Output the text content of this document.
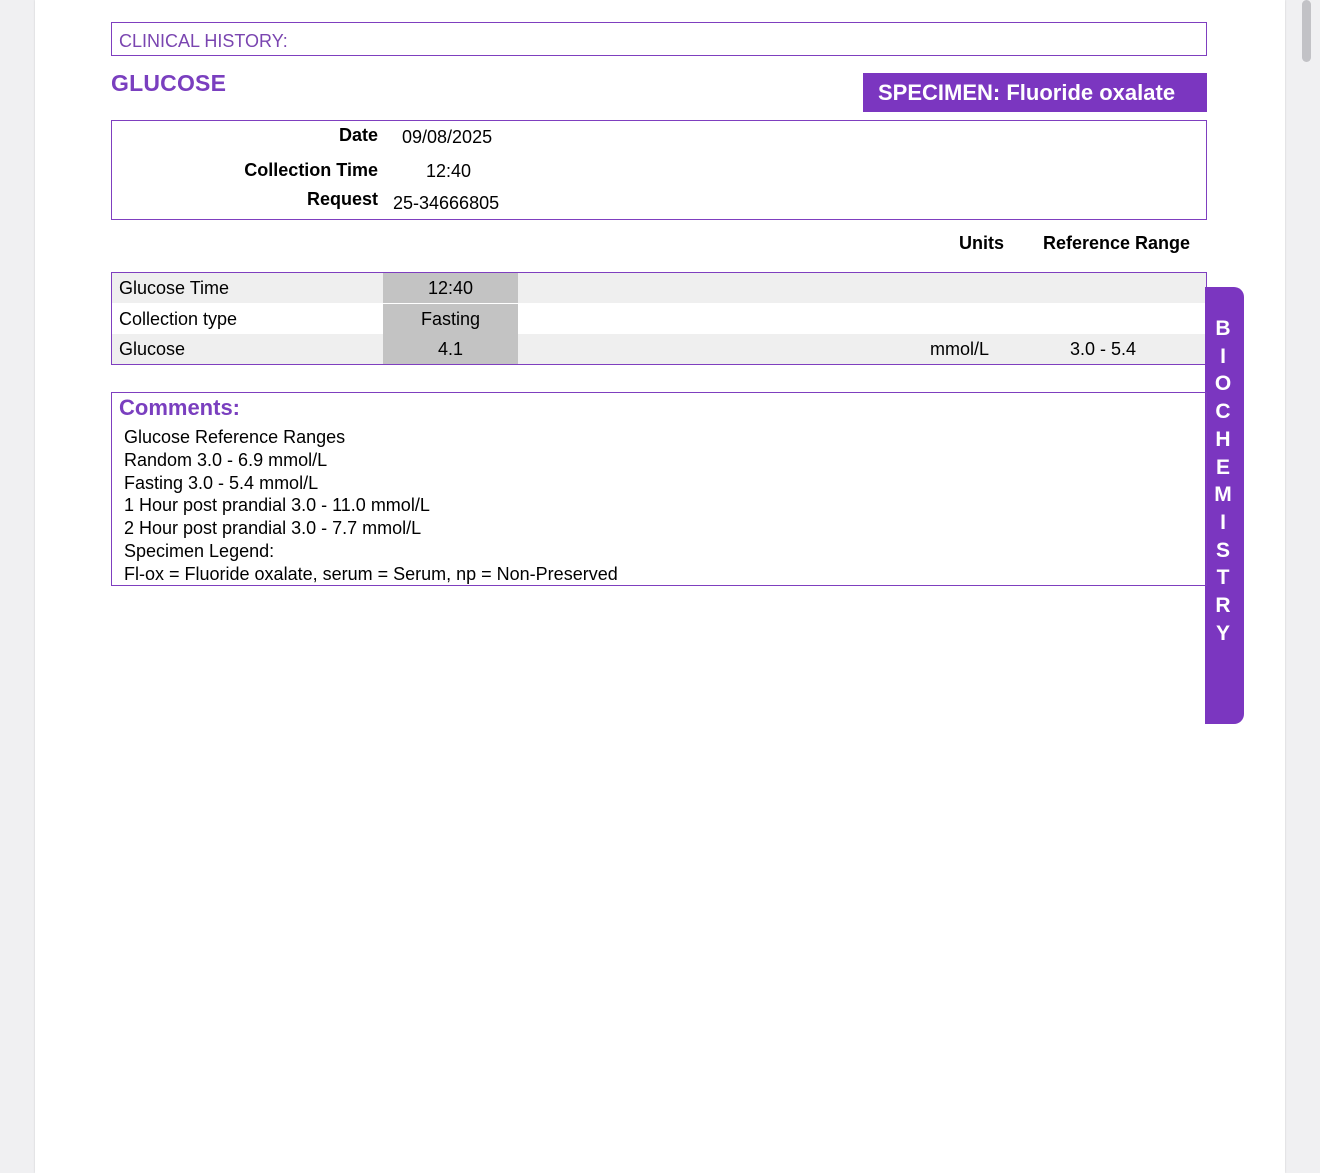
CLINICAL HISTORY:
GLUCOSE	SPECIMEN: Fluoride oxalate
Date 09/08/2025
Collection Time	12:40
Request 25-34666805
Units Reference Range
Glucose Time	12:40
Collection type	Fasting
Glucose	4.1	mmol/L	3.0 - 5.4
B
I
O
C
H
E
M
I
S
T
R
Y
Comments:
Glucose Reference Ranges
Random 3.0 - 6.9 mmol/L
Fasting 3.0 - 5.4 mmol/L
1 Hour post prandial 3.0 - 11.0 mmol/L
2 Hour post prandial 3.0 - 7.7 mmol/L
Specimen Legend:
Fl-ox = Fluoride oxalate, serum = Serum, np = Non-Preserved
